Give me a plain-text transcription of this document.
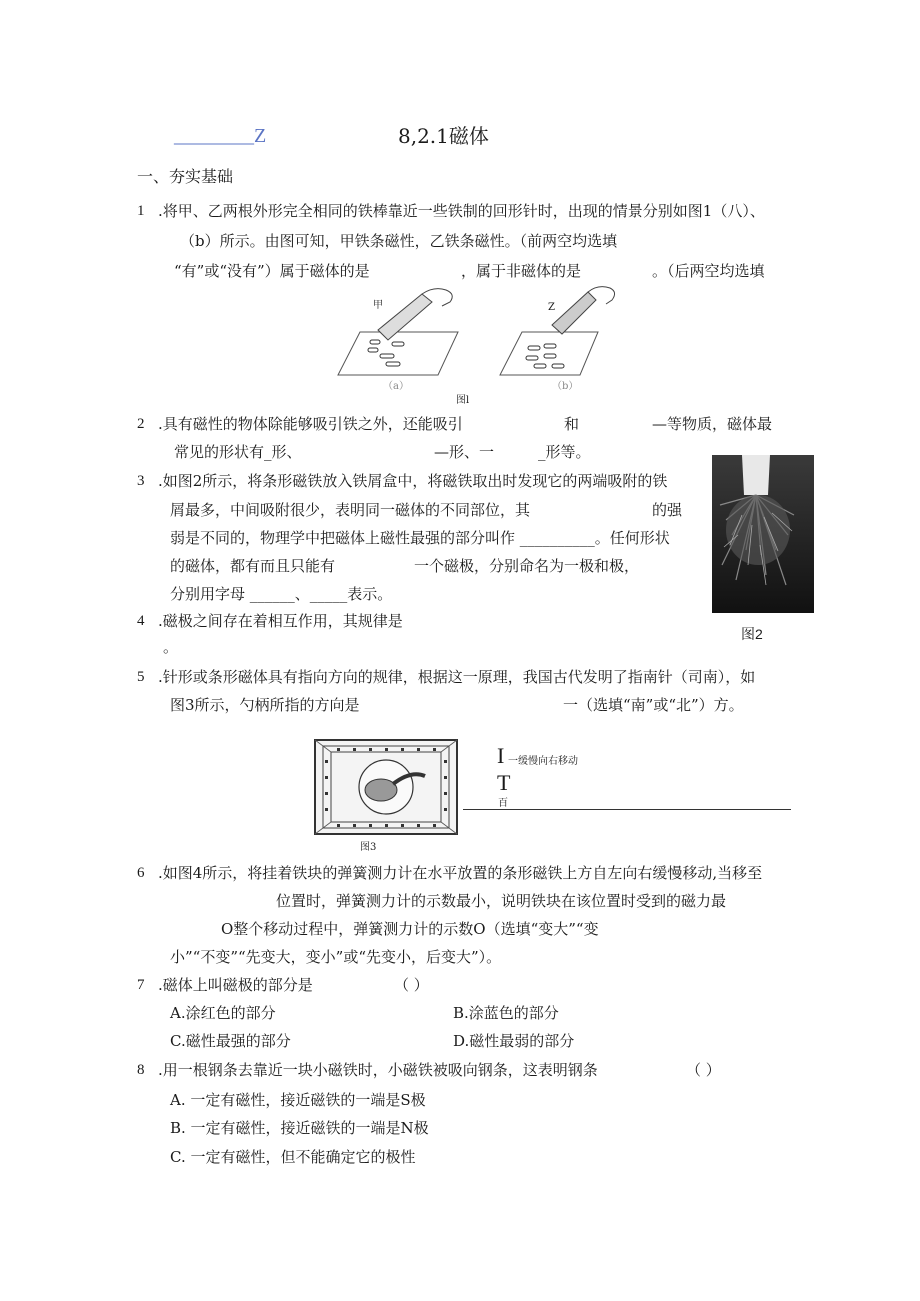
________Z	8,2.1磁体
一、夯实基础
1 .将甲、乙两根外形完全相同的铁棒靠近一些铁制的回形针时，出现的情景分别如图1（八）、
（b）所示。由图可知，甲铁条磁性，乙铁条磁性。（前两空均选填
“有”或“没有”）属于磁体的是	，属于非磁体的是	。（后两空均选填
甲	Z
（a）	（b）
图l
2 .具有磁性的物体除能够吸引铁之外，还能吸引	和	—等物质，磁体最
常见的形状有_形、	—形、一	_形等。
3 .如图2所示，将条形磁铁放入铁屑盒中，将磁铁取出时发现它的两端吸附的铁
屑最多，中间吸附很少，表明同一磁体的不同部位，其	的强
弱是不同的，物理学中把磁体上磁性最强的部分叫作 __________。任何形状
的磁体，都有而且只能有	一个磁极，分别命名为一极和极，
分别用字母 ______、_____表示。
图2
4 .磁极之间存在着相互作用，其规律是
。
5 .针形或条形磁体具有指向方向的规律，根据这一原理，我国古代发明了指南针（司南），如
图3所示，勺柄所指的方向是	一（选填“南”或“北”）方。
图3
I 一缓慢向右移动
T
百
6 .如图4所示，将挂着铁块的弹簧测力计在水平放置的条形磁铁上方自左向右缓慢移动,当移至
位置时，弹簧测力计的示数最小，说明铁块在该位置时受到的磁力最
O整个移动过程中，弹簧测力计的示数O（选填“变大”“变
小”“不变”“先变大，变小”或“先变小，后变大”）。
7 .磁体上叫磁极的部分是	（ ）
A.涂红色的部分	B.涂蓝色的部分
C.磁性最强的部分	D.磁性最弱的部分
8 .用一根钢条去靠近一块小磁铁时，小磁铁被吸向钢条，这表明钢条	（ ）
A. 一定有磁性，接近磁铁的一端是S极
B. 一定有磁性，接近磁铁的一端是N极
C. 一定有磁性，但不能确定它的极性
